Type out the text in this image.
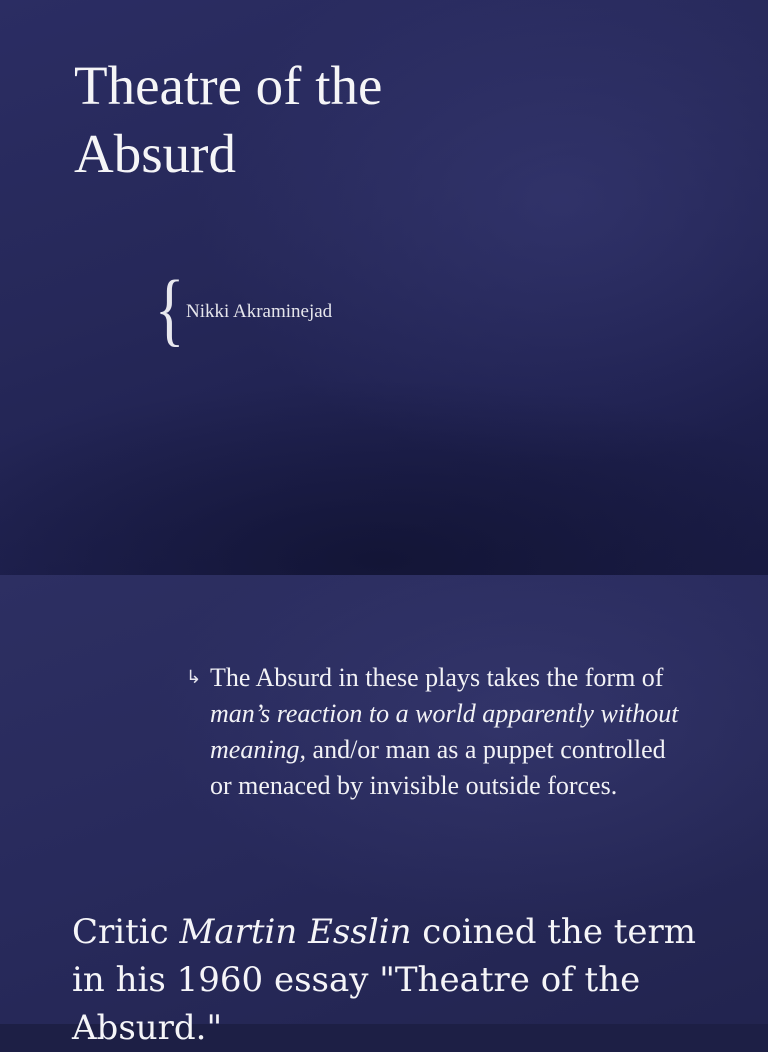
Theatre of the
Absurd
{ Nikki Akraminejad
↳ The Absurd in these plays takes the form of man’s reaction to a world apparently without meaning, and/or man as a puppet controlled or menaced by invisible outside forces.
Critic Martin Esslin coined the term in his 1960 essay "Theatre of the Absurd."
